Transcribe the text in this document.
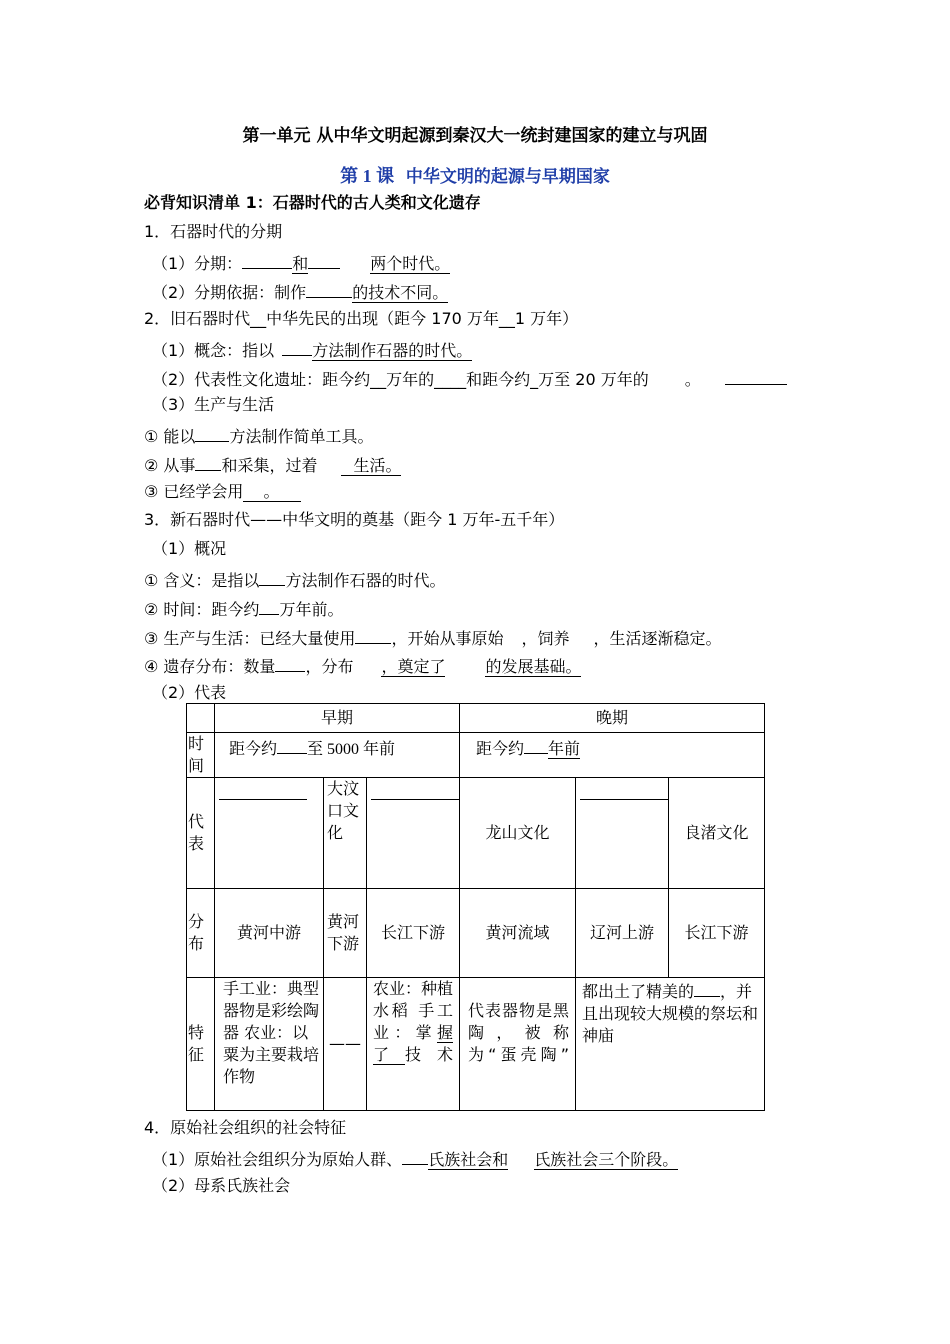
第一单元 从中华文明起源到秦汉大一统封建国家的建立与巩固
第 1 课 中华文明的起源与早期国家
必背知识清单 1：石器时代的古人类和文化遗存
1．石器时代的分期
（1）分期：	和	两个时代。
（2）分期依据：制作	的技术不同。
2．旧石器时代__中华先民的出现（距今 170 万年__1 万年）
（1）概念：指以 方法制作石器的时代。
（2）代表性文化遗址：距今约__万年的____和距今约_万至 20 万年的 。
（3）生产与生活
① 能以 方法制作简单工具。
② 从事 和采集，过着 生活。
③ 已经学会用 。
3．新石器时代——中华文明的奠基（距今 1 万年-五千年）
（1）概况
① 含义：是指以 方法制作石器的时代。
② 时间：距今约 万年前。
③ 生产与生活：已经大量使用 ，开始从事原始 ，饲养 ，生活逐渐稳定。
④ 遗存分布：数量 ，分布 ，奠定了	的发展基础。
（2）代表
	早期			晚期		
时间	距今约 至 5000 年前			距今约 年前		
代表		大汶口文化		龙山文化		良渚文化
分布	黄河中游	黄河下游	长江下游	黄河流域	辽河上游	长江下游
特征	手工业：典型器物是彩绘陶器 农业：以粟为主要栽培作物	——	农业：种植水稻 手工业：掌握了技术	代表器物是黑陶，被称为“蛋壳陶”	都出土了精美的 ，并且出现较大规模的祭坛和神庙	
4．原始社会组织的社会特征
（1）原始社会组织分为原始人群、 氏族社会和 氏族社会三个阶段。
（2）母系氏族社会
